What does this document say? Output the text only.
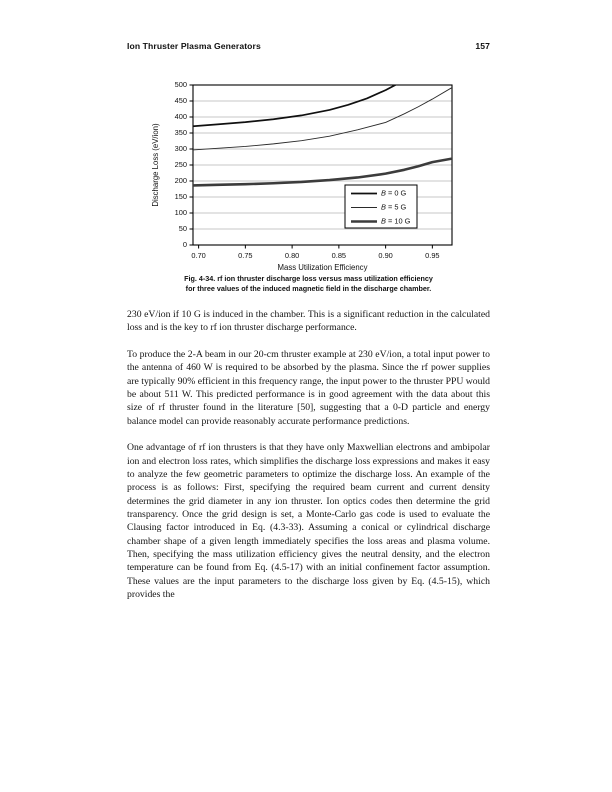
Ion Thruster Plasma Generators	157
0
50
100
150
200
250
300
350
400
450
500
0.70	0.75	0.80	0.85	0.90	0.95
Mass Utilization Efficiency
Discharge Loss (eV/ion)	B = 0 G
B = 5 G
B = 10 G
Fig. 4-34. rf ion thruster discharge loss versus mass utilization efficiency
for three values of the induced magnetic field in the discharge chamber.

230 eV/ion if 10 G is induced in the chamber. This is a significant reduction in the calculated loss and is the key to rf ion thruster discharge performance.

To produce the 2-A beam in our 20-cm thruster example at 230 eV/ion, a total input power to the antenna of 460 W is required to be absorbed by the plasma. Since the rf power supplies are typically 90% efficient in this frequency range, the input power to the thruster PPU would be about 511 W. This predicted performance is in good agreement with the data about this size of rf thruster found in the literature [50], suggesting that a 0-D particle and energy balance model can provide reasonably accurate performance predictions.

One advantage of rf ion thrusters is that they have only Maxwellian electrons and ambipolar ion and electron loss rates, which simplifies the discharge loss expressions and makes it easy to analyze the few geometric parameters to optimize the discharge loss. An example of the process is as follows: First, specifying the required beam current and current density determines the grid diameter in any ion thruster. Ion optics codes then determine the grid transparency. Once the grid design is set, a Monte-Carlo gas code is used to evaluate the Clausing factor introduced in Eq. (4.3-33). Assuming a conical or cylindrical discharge chamber shape of a given length immediately specifies the loss areas and plasma volume. Then, specifying the mass utilization efficiency gives the neutral density, and the electron temperature can be found from Eq. (4.5-17) with an initial confinement factor assumption. These values are the input parameters to the discharge loss given by Eq. (4.5-15), which provides the
